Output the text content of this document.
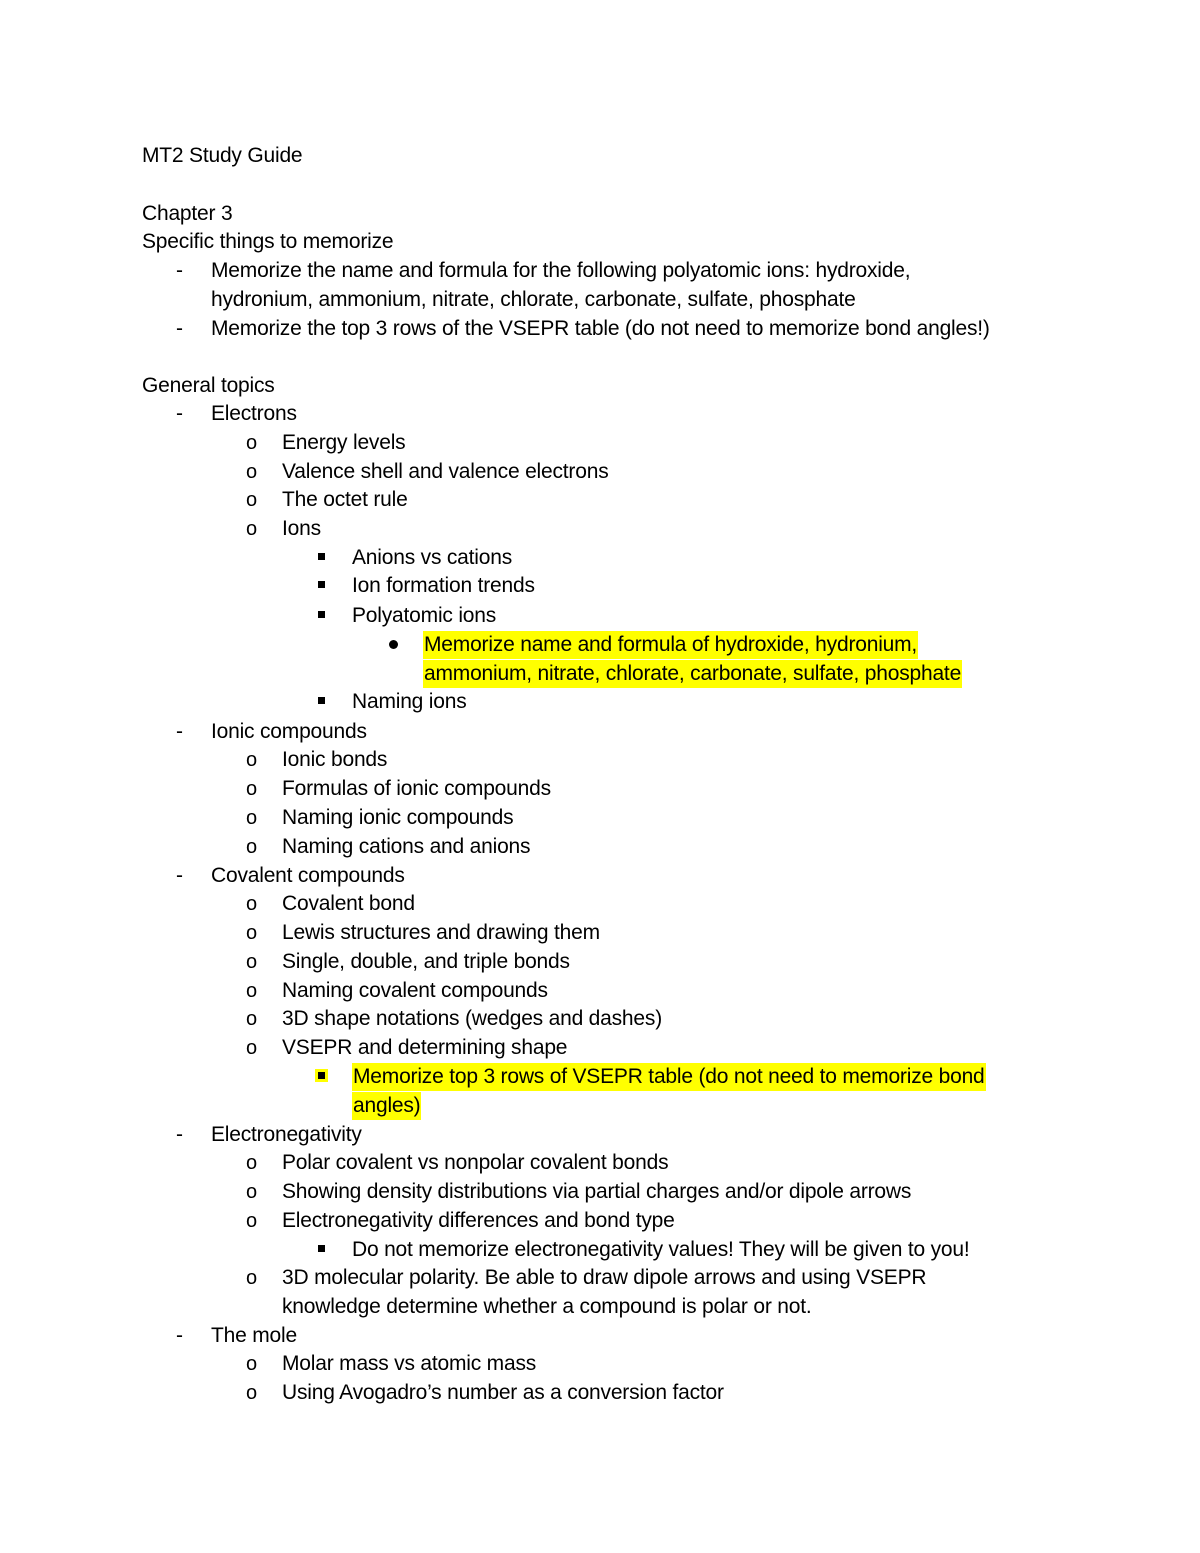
MT2 Study Guide
Chapter 3
Specific things to memorize
- Memorize the name and formula for the following polyatomic ions: hydroxide,
hydronium, ammonium, nitrate, chlorate, carbonate, sulfate, phosphate
- Memorize the top 3 rows of the VSEPR table (do not need to memorize bond angles!)
General topics
- Electrons
o Energy levels
o Valence shell and valence electrons
o The octet rule
o Ions
Anions vs cations
Ion formation trends
Polyatomic ions
Memorize name and formula of hydroxide, hydronium,
ammonium, nitrate, chlorate, carbonate, sulfate, phosphate
Naming ions
- Ionic compounds
o Ionic bonds
o Formulas of ionic compounds
o Naming ionic compounds
o Naming cations and anions
- Covalent compounds
o Covalent bond
o Lewis structures and drawing them
o Single, double, and triple bonds
o Naming covalent compounds
o 3D shape notations (wedges and dashes)
o VSEPR and determining shape
Memorize top 3 rows of VSEPR table (do not need to memorize bond
angles)
- Electronegativity
o Polar covalent vs nonpolar covalent bonds
o Showing density distributions via partial charges and/or dipole arrows
o Electronegativity differences and bond type
Do not memorize electronegativity values! They will be given to you!
o 3D molecular polarity. Be able to draw dipole arrows and using VSEPR
knowledge determine whether a compound is polar or not.
- The mole
o Molar mass vs atomic mass
o Using Avogadro’s number as a conversion factor
